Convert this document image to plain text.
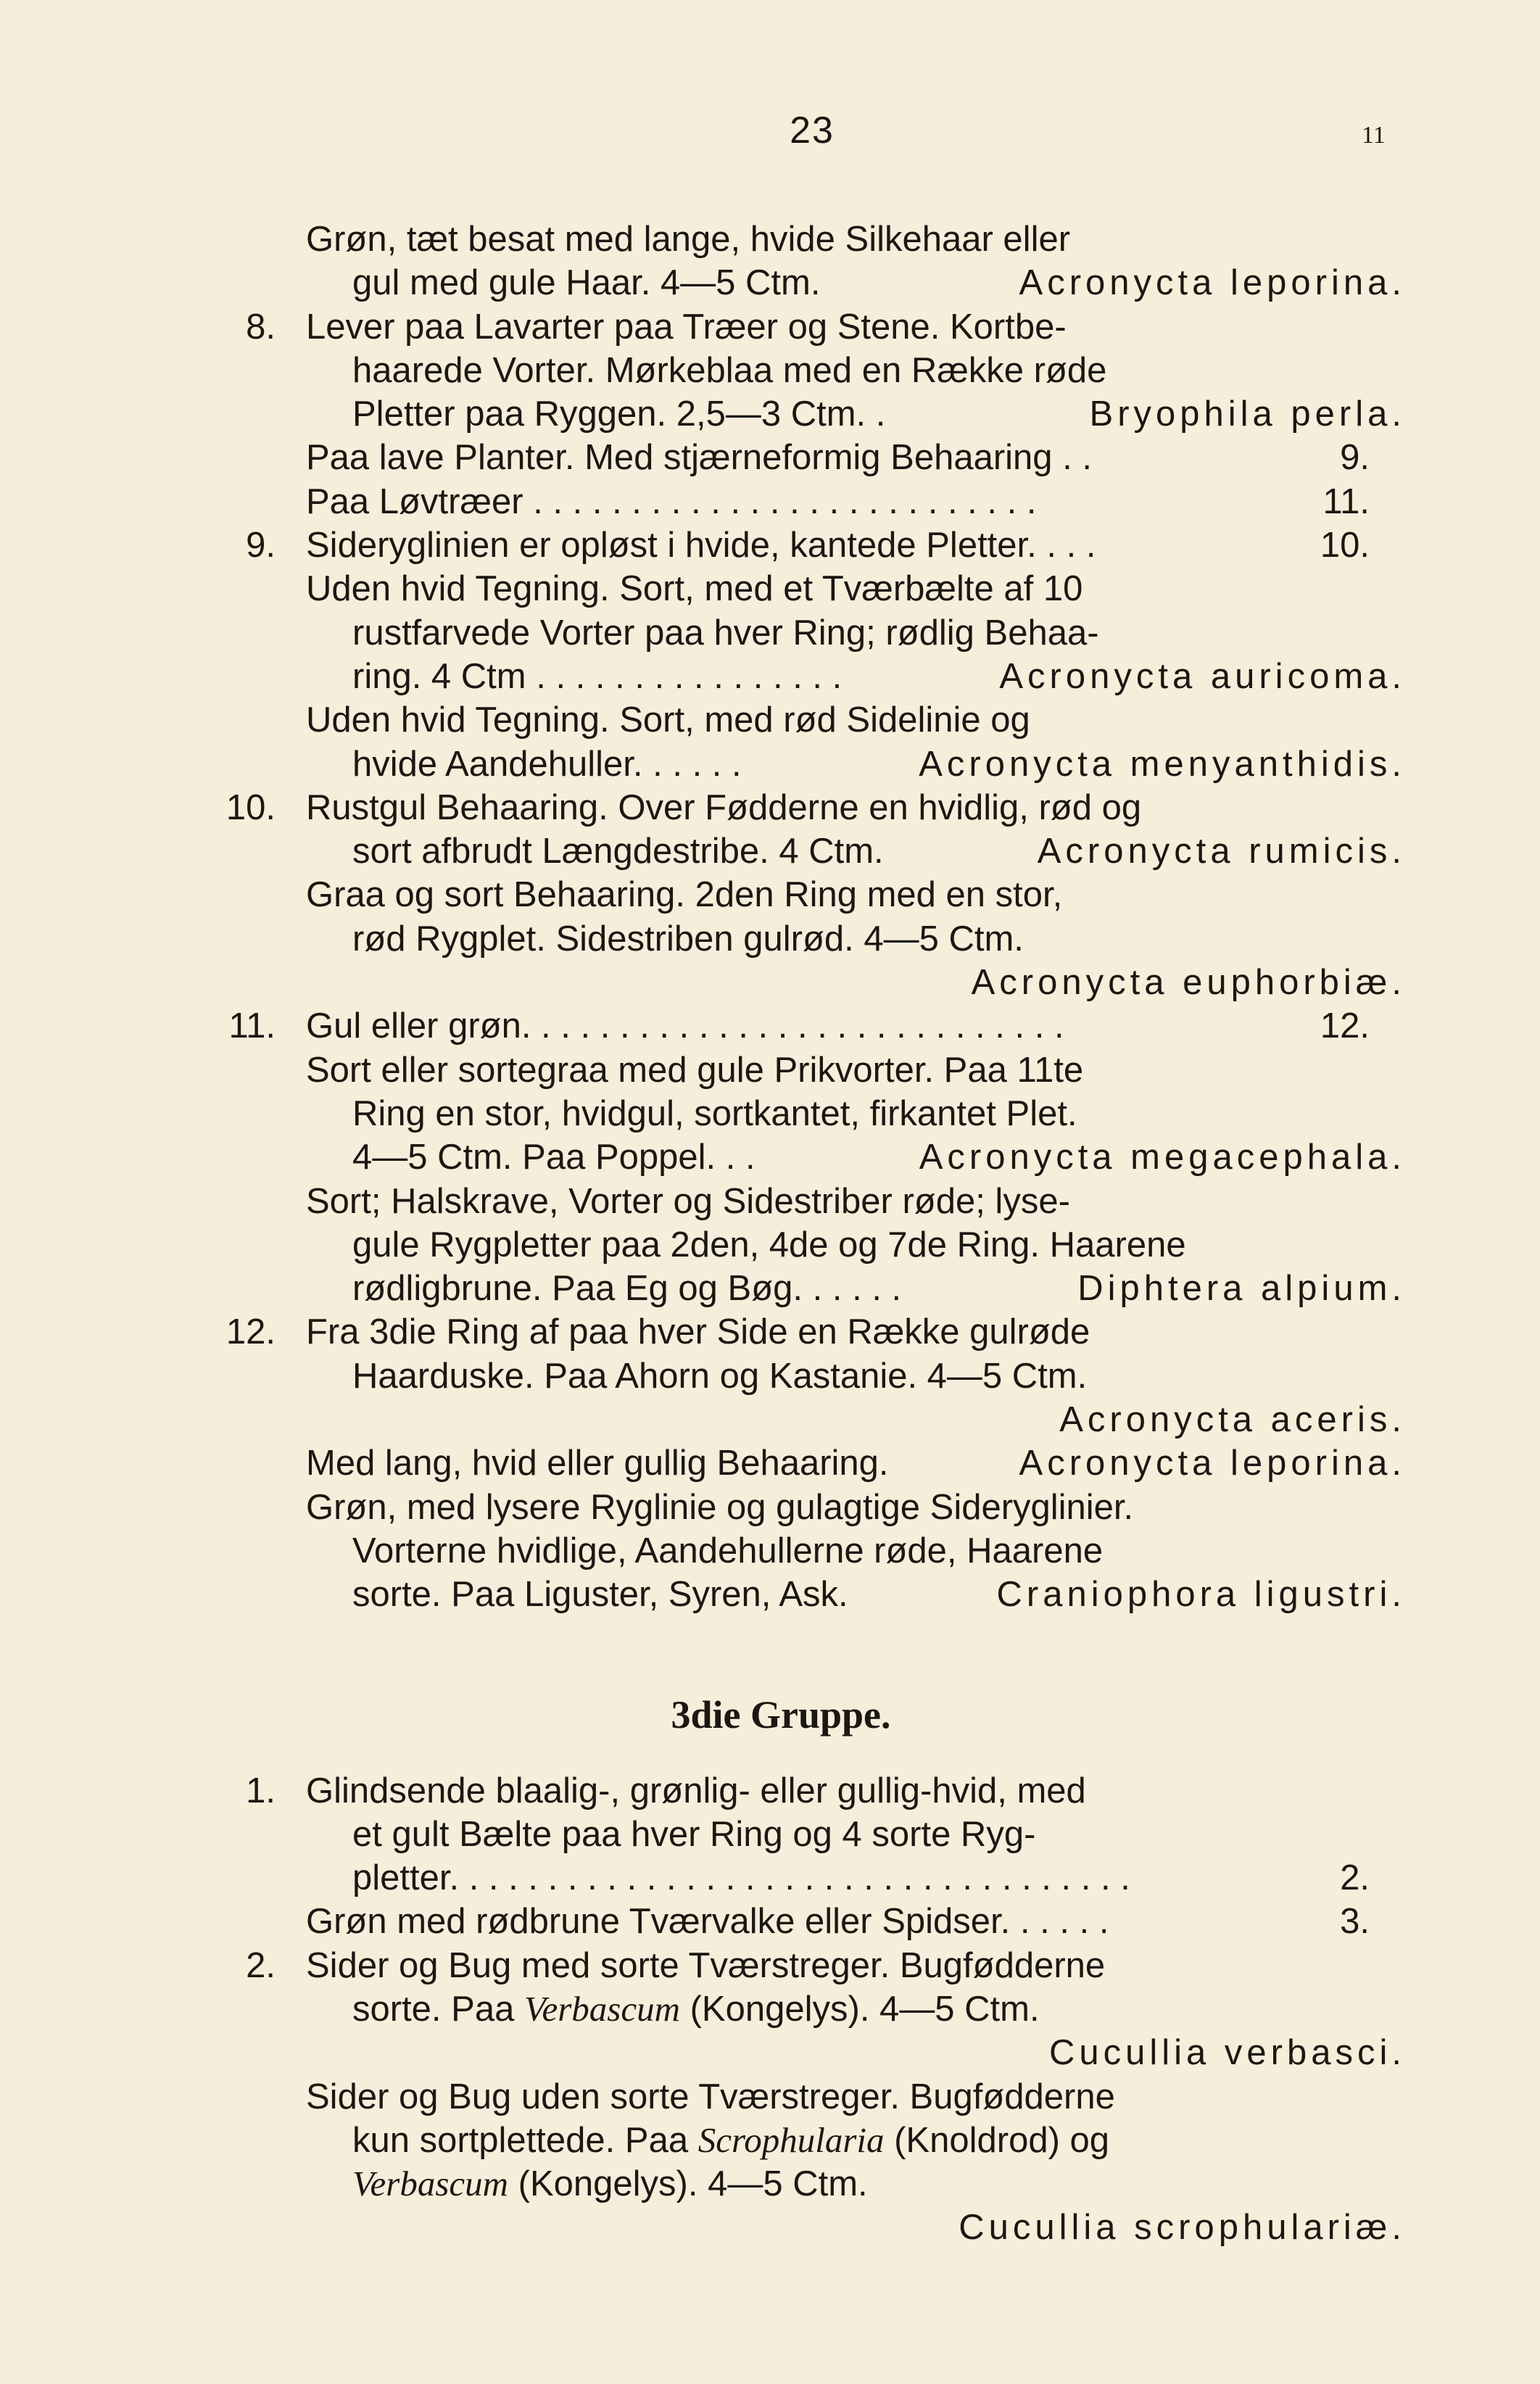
23	11
Grøn, tæt besat med lange, hvide Silkehaar eller
gul med gule Haar. 4—5 Ctm.	Acronycta leporina.
8. Lever paa Lavarter paa Træer og Stene. Kortbe-
haarede Vorter. Mørkeblaa med en Række røde
Pletter paa Ryggen. 2,5—3 Ctm. .	Bryophila perla.
Paa lave Planter. Med stjærneformig Behaaring . .	9.
Paa Løvtræer . . . . . . . . . . . . . . . . . . . . . . . . . .	11.
9. Sideryglinien er opløst i hvide, kantede Pletter. . . .	10.
Uden hvid Tegning. Sort, med et Tværbælte af 10
rustfarvede Vorter paa hver Ring; rødlig Behaa-
ring. 4 Ctm . . . . . . . . . . . . . . . .	Acronycta auricoma.
Uden hvid Tegning. Sort, med rød Sidelinie og
hvide Aandehuller. . . . . .	Acronycta menyanthidis.
10. Rustgul Behaaring. Over Fødderne en hvidlig, rød og
sort afbrudt Længdestribe. 4 Ctm.	Acronycta rumicis.
Graa og sort Behaaring. 2den Ring med en stor,
rød Rygplet. Sidestriben gulrød. 4—5 Ctm.
Acronycta euphorbiæ.
11. Gul eller grøn. . . . . . . . . . . . . . . . . . . . . . . . . . . .	12.
Sort eller sortegraa med gule Prikvorter. Paa 11te
Ring en stor, hvidgul, sortkantet, firkantet Plet.
4—5 Ctm. Paa Poppel. . .	Acronycta megacephala.
Sort; Halskrave, Vorter og Sidestriber røde; lyse-
gule Rygpletter paa 2den, 4de og 7de Ring. Haarene
rødligbrune. Paa Eg og Bøg. . . . . .	Diphtera alpium.
12. Fra 3die Ring af paa hver Side en Række gulrøde
Haarduske. Paa Ahorn og Kastanie. 4—5 Ctm.
Acronycta aceris.
Med lang, hvid eller gullig Behaaring.	Acronycta leporina.
Grøn, med lysere Ryglinie og gulagtige Sideryglinier.
Vorterne hvidlige, Aandehullerne røde, Haarene
sorte. Paa Liguster, Syren, Ask.	Craniophora ligustri.
3die Gruppe.
1. Glindsende blaalig-, grønlig- eller gullig-hvid, med
et gult Bælte paa hver Ring og 4 sorte Ryg-
pletter. . . . . . . . . . . . . . . . . . . . . . . . . . . . . . . . . . .	2.
Grøn med rødbrune Tværvalke eller Spidser. . . . . .	3.
2. Sider og Bug med sorte Tværstreger. Bugfødderne
sorte. Paa Verbascum (Kongelys). 4—5 Ctm.
Cucullia verbasci.
Sider og Bug uden sorte Tværstreger. Bugfødderne
kun sortplettede. Paa Scrophularia (Knoldrod) og
Verbascum (Kongelys). 4—5 Ctm.
Cucullia scrophulariæ.
